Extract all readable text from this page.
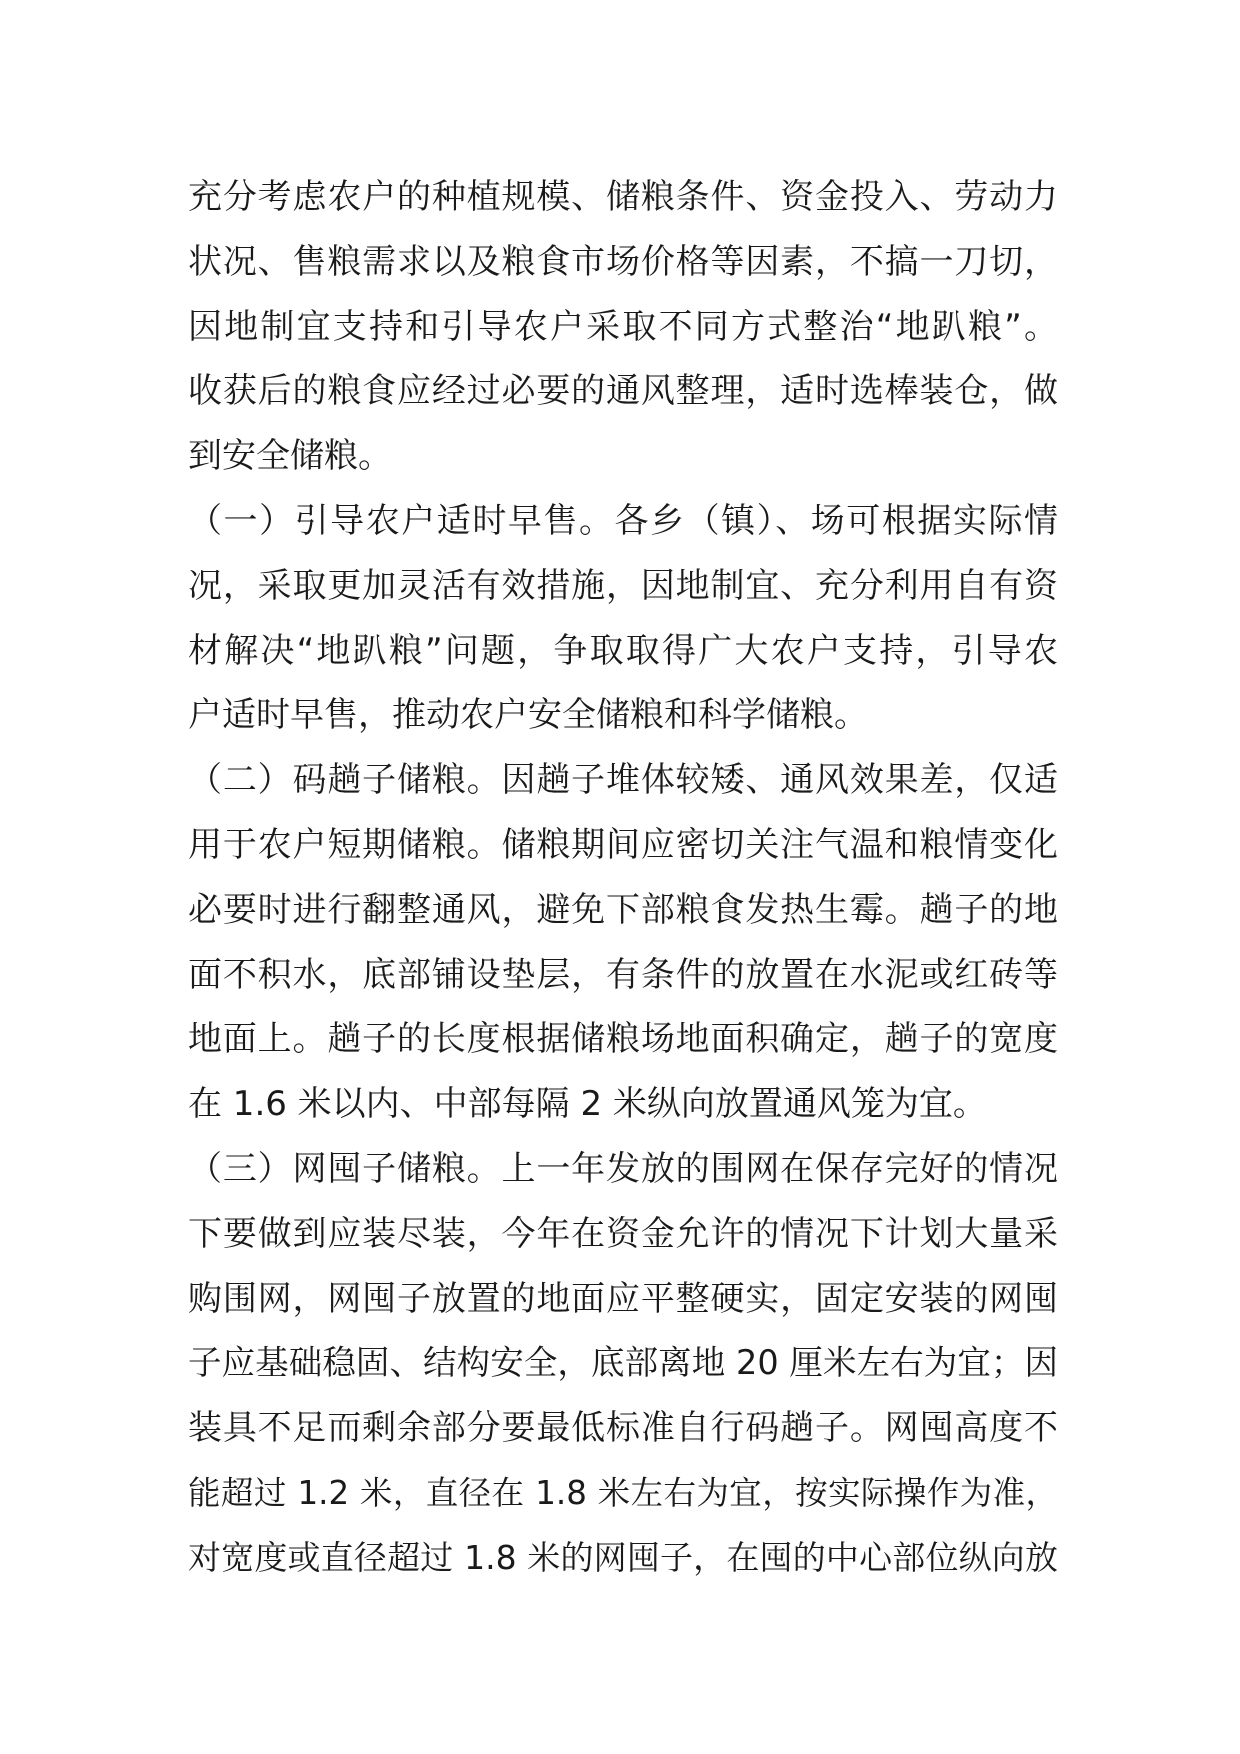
充分考虑农户的种植规模、储粮条件、资金投入、劳动力
状况、售粮需求以及粮食市场价格等因素，不搞一刀切，
因地制宜支持和引导农户采取不同方式整治“地趴粮”。
收获后的粮食应经过必要的通风整理，适时选棒装仓，做
到安全储粮。
（一）引导农户适时早售。各乡（镇）、场可根据实际情
况，采取更加灵活有效措施，因地制宜、充分利用自有资
材解决“地趴粮”问题，争取取得广大农户支持，引导农
户适时早售，推动农户安全储粮和科学储粮。
（二）码趟子储粮。因趟子堆体较矮、通风效果差，仅适
用于农户短期储粮。储粮期间应密切关注气温和粮情变化
必要时进行翻整通风，避免下部粮食发热生霉。趟子的地
面不积水，底部铺设垫层，有条件的放置在水泥或红砖等
地面上。趟子的长度根据储粮场地面积确定，趟子的宽度
在 1.6 米以内、中部每隔 2 米纵向放置通风笼为宜。
（三）网囤子储粮。上一年发放的围网在保存完好的情况
下要做到应装尽装，今年在资金允许的情况下计划大量采
购围网，网囤子放置的地面应平整硬实，固定安装的网囤
子应基础稳固、结构安全，底部离地 20 厘米左右为宜；因
装具不足而剩余部分要最低标准自行码趟子。网囤高度不
能超过 1.2 米，直径在 1.8 米左右为宜，按实际操作为准，
对宽度或直径超过 1.8 米的网囤子，在囤的中心部位纵向放
